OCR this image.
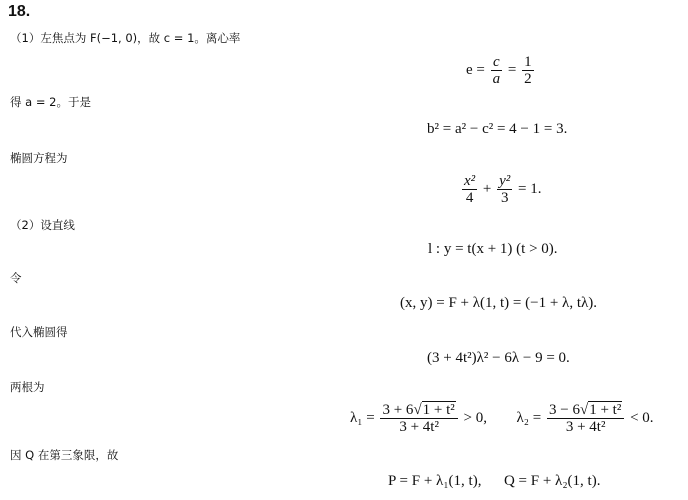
18.
（1）左焦点为 F(−1, 0)，故 c = 1。离心率
$e = \frac{c}{a} = \frac{1}{2}$
得 a = 2。于是
b² = a² − c² = 4 − 1 = 3.
椭圆方程为
$\frac{\text{x²}}{4} + \frac{\text{y²}}{3} = 1$.
（2）设直线
l : y = t(x + 1) (t > 0).
令
(x, y) = F + λ(1, t) = (−1 + λ, tλ).
代入椭圆得
(3 + 4t²)λ² − 6λ − 9 = 0.
两根为
$\lambda_1 = \frac{\text{3 + 6√1 + t²}}{\text{3 + 4t²}} > 0$, $\lambda_2 = \frac{\text{3 − 6√1 + t²}}{\text{3 + 4t²}} < 0$.
因 Q 在第三象限，故
P = F + λ₁(1, t),      Q = F + λ₂(1, t).
